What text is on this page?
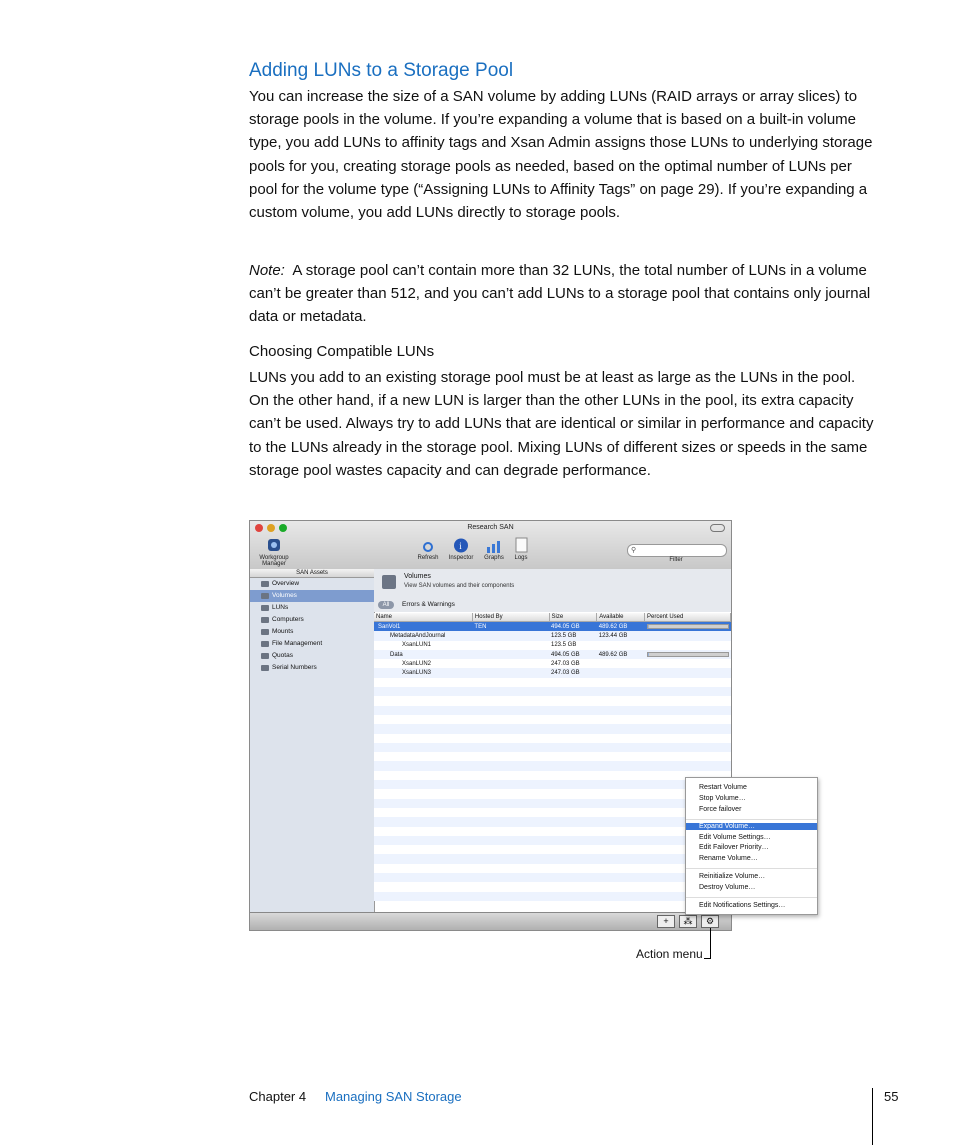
Adding LUNs to a Storage Pool

You can increase the size of a SAN volume by adding LUNs (RAID arrays or array slices) to storage pools in the volume. If you’re expanding a volume that is based on a built-in volume type, you add LUNs to affinity tags and Xsan Admin assigns those LUNs to underlying storage pools for you, creating storage pools as needed, based on the optimal number of LUNs per pool for the volume type (“Assigning LUNs to Affinity Tags” on page 29). If you’re expanding a custom volume, you add LUNs directly to storage pools.

Note: A storage pool can’t contain more than 32 LUNs, the total number of LUNs in a volume can’t be greater than 512, and you can’t add LUNs to a storage pool that contains only journal data or metadata.

Choosing Compatible LUNs

LUNs you add to an existing storage pool must be at least as large as the LUNs in the pool. On the other hand, if a new LUN is larger than the other LUNs in the pool, its extra capacity can’t be used. Always try to add LUNs that are identical or similar in performance and capacity to the LUNs already in the storage pool. Mixing LUNs of different sizes or speeds in the same storage pool wastes capacity and can degrade performance.

Research SAN
Workgroup Manager
Refresh
i
Inspector	Graphs	Logs
⚲
Filter
SAN Assets
Overview
Volumes
LUNs
Computers
Mounts
File Management
Quotas
Serial Numbers
Volumes
View SAN volumes and their components
All	Errors & Warnings
Name	Hosted By	Size	Available	Percent Used
SanVol1	TEN	494.05 GB	489.62 GB	

MetadataAndJournal		123.5 GB	123.44 GB	
XsanLUN1		123.5 GB		
Data		494.05 GB	489.62 GB	

XsanLUN2		247.03 GB		
XsanLUN3		247.03 GB		

+	⁂	⚙
Restart Volume
Stop Volume…
Force failover
Expand Volume…
Edit Volume Settings…
Edit Failover Priority…
Rename Volume…
Reinitialize Volume…
Destroy Volume…
Edit Notifications Settings…
Action menu
Chapter 4 Managing SAN Storage	55
